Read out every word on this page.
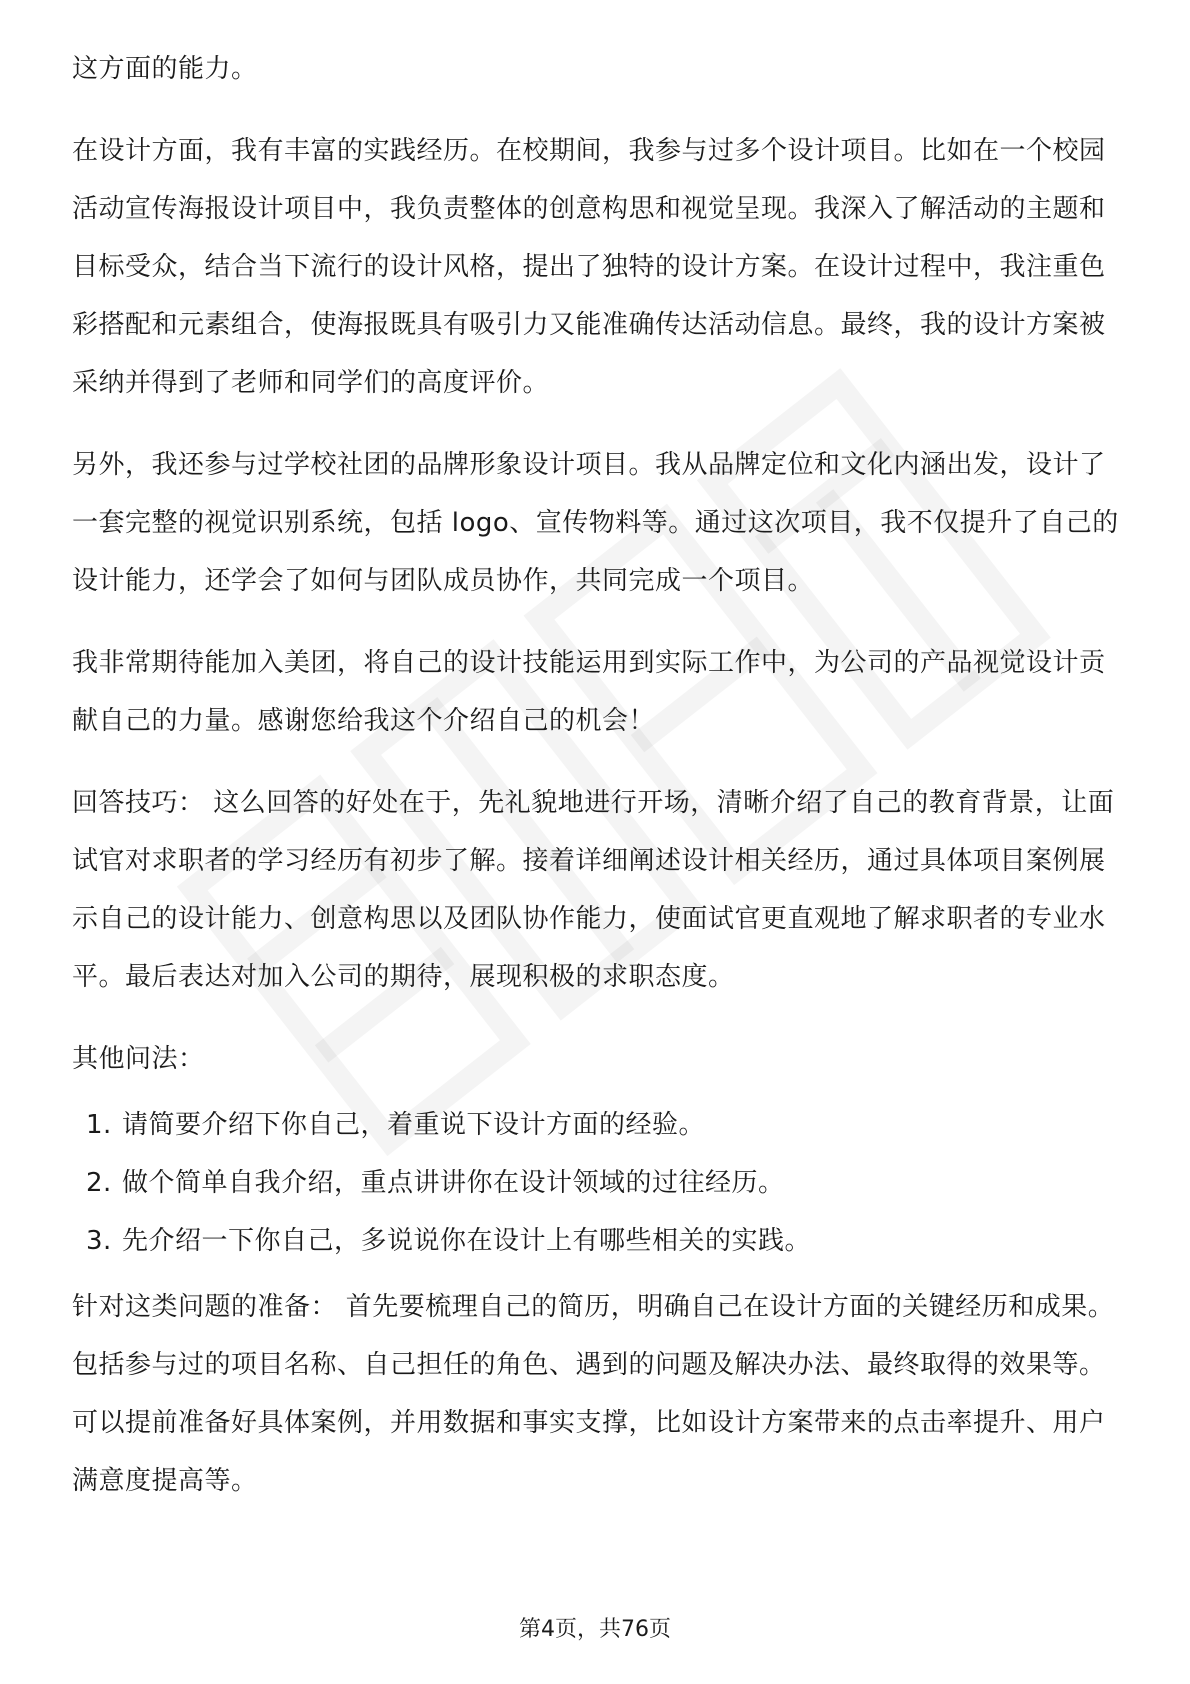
这方面的能力。

在设计方面，我有丰富的实践经历。在校期间，我参与过多个设计项目。比如在一个校园活动宣传海报设计项目中，我负责整体的创意构思和视觉呈现。我深入了解活动的主题和目标受众，结合当下流行的设计风格，提出了独特的设计方案。在设计过程中，我注重色彩搭配和元素组合，使海报既具有吸引力又能准确传达活动信息。最终，我的设计方案被采纳并得到了老师和同学们的高度评价。

另外，我还参与过学校社团的品牌形象设计项目。我从品牌定位和文化内涵出发，设计了一套完整的视觉识别系统，包括 logo、宣传物料等。通过这次项目，我不仅提升了自己的设计能力，还学会了如何与团队成员协作，共同完成一个项目。

我非常期待能加入美团，将自己的设计技能运用到实际工作中，为公司的产品视觉设计贡献自己的力量。感谢您给我这个介绍自己的机会！

回答技巧： 这么回答的好处在于，先礼貌地进行开场，清晰介绍了自己的教育背景，让面试官对求职者的学习经历有初步了解。接着详细阐述设计相关经历，通过具体项目案例展示自己的设计能力、创意构思以及团队协作能力，使面试官更直观地了解求职者的专业水平。最后表达对加入公司的期待，展现积极的求职态度。

其他问法：

1. 请简要介绍下你自己，着重说下设计方面的经验。
2. 做个简单自我介绍，重点讲讲你在设计领域的过往经历。
3. 先介绍一下你自己，多说说你在设计上有哪些相关的实践。

针对这类问题的准备： 首先要梳理自己的简历，明确自己在设计方面的关键经历和成果。包括参与过的项目名称、自己担任的角色、遇到的问题及解决办法、最终取得的效果等。可以提前准备好具体案例，并用数据和事实支撑，比如设计方案带来的点击率提升、用户满意度提高等。

第4页，共76页
